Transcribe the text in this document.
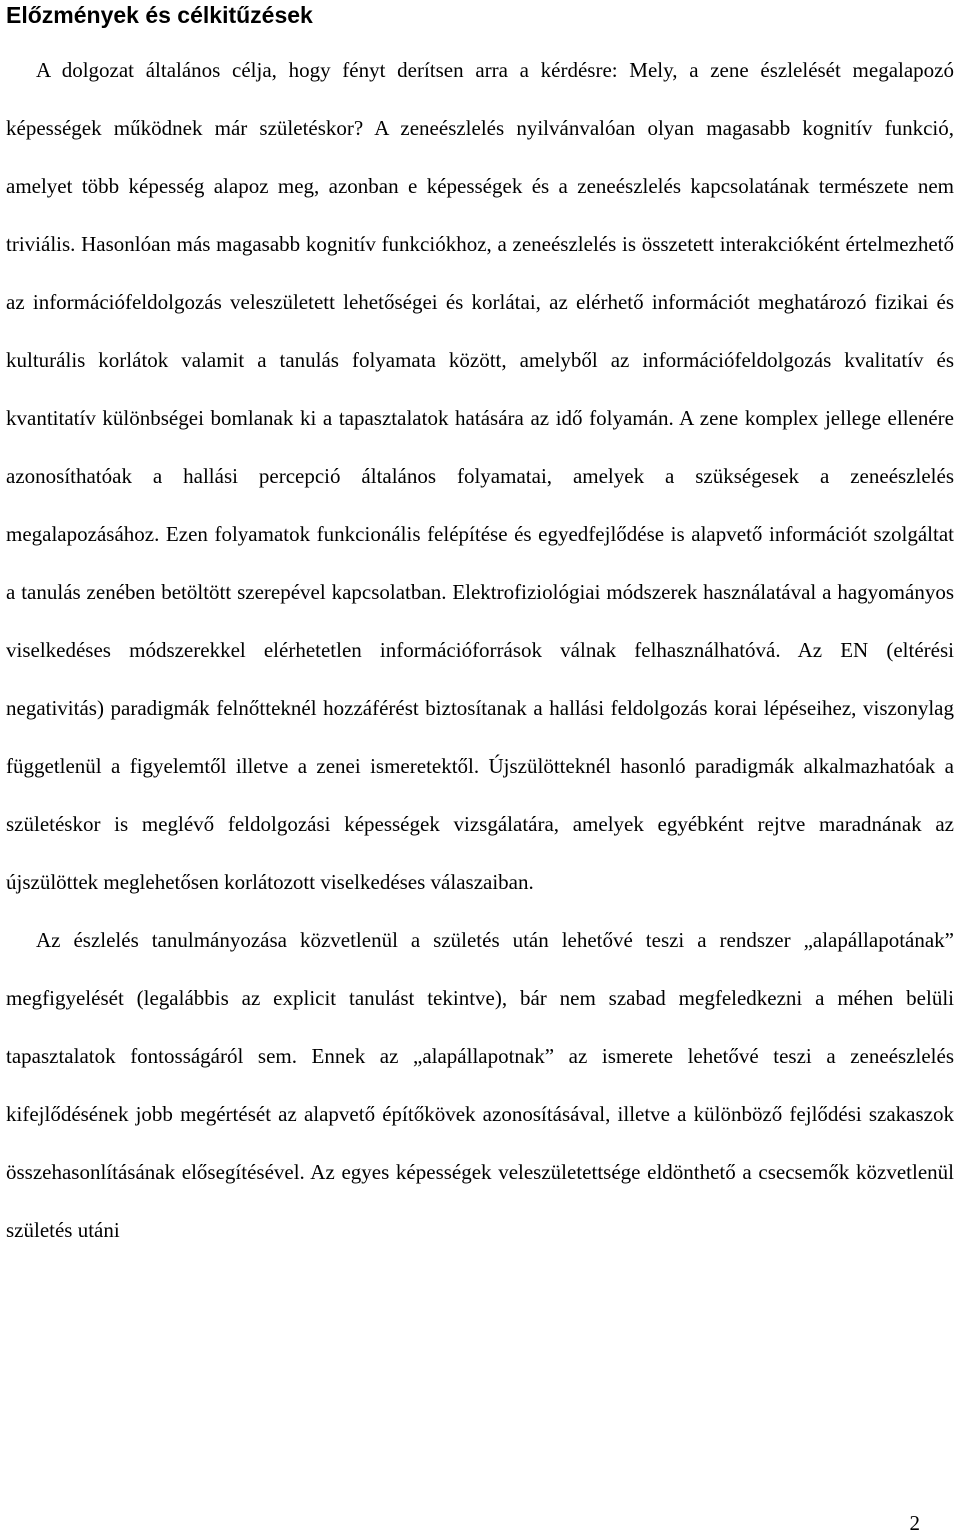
Előzmények és célkitűzések

A dolgozat általános célja, hogy fényt derítsen arra a kérdésre: Mely, a zene észlelését megalapozó képességek működnek már születéskor? A zeneészlelés nyilvánvalóan olyan magasabb kognitív funkció, amelyet több képesség alapoz meg, azonban e képességek és a zeneészlelés kapcsolatának természete nem triviális. Hasonlóan más magasabb kognitív funkciókhoz, a zeneészlelés is összetett interakcióként értelmezhető az információfeldolgozás veleszületett lehetőségei és korlátai, az elérhető információt meghatározó fizikai és kulturális korlátok valamit a tanulás folyamata között, amelyből az információfeldolgozás kvalitatív és kvantitatív különbségei bomlanak ki a tapasztalatok hatására az idő folyamán. A zene komplex jellege ellenére azonosíthatóak a hallási percepció általános folyamatai, amelyek a szükségesek a zeneészlelés megalapozásához. Ezen folyamatok funkcionális felépítése és egyedfejlődése is alapvető információt szolgáltat a tanulás zenében betöltött szerepével kapcsolatban. Elektrofiziológiai módszerek használatával a hagyományos viselkedéses módszerekkel elérhetetlen információforrások válnak felhasználhatóvá. Az EN (eltérési negativitás) paradigmák felnőtteknél hozzáférést biztosítanak a hallási feldolgozás korai lépéseihez, viszonylag függetlenül a figyelemtől illetve a zenei ismeretektől. Újszülötteknél hasonló paradigmák alkalmazhatóak a születéskor is meglévő feldolgozási képességek vizsgálatára, amelyek egyébként rejtve maradnának az újszülöttek meglehetősen korlátozott viselkedéses válaszaiban.

Az észlelés tanulmányozása közvetlenül a születés után lehetővé teszi a rendszer „alapállapotának” megfigyelését (legalábbis az explicit tanulást tekintve), bár nem szabad megfeledkezni a méhen belüli tapasztalatok fontosságáról sem. Ennek az „alapállapotnak” az ismerete lehetővé teszi a zeneészlelés kifejlődésének jobb megértését az alapvető építőkövek azonosításával, illetve a különböző fejlődési szakaszok összehasonlításának elősegítésével. Az egyes képességek veleszületettsége eldönthető a csecsemők közvetlenül születés utáni

2
